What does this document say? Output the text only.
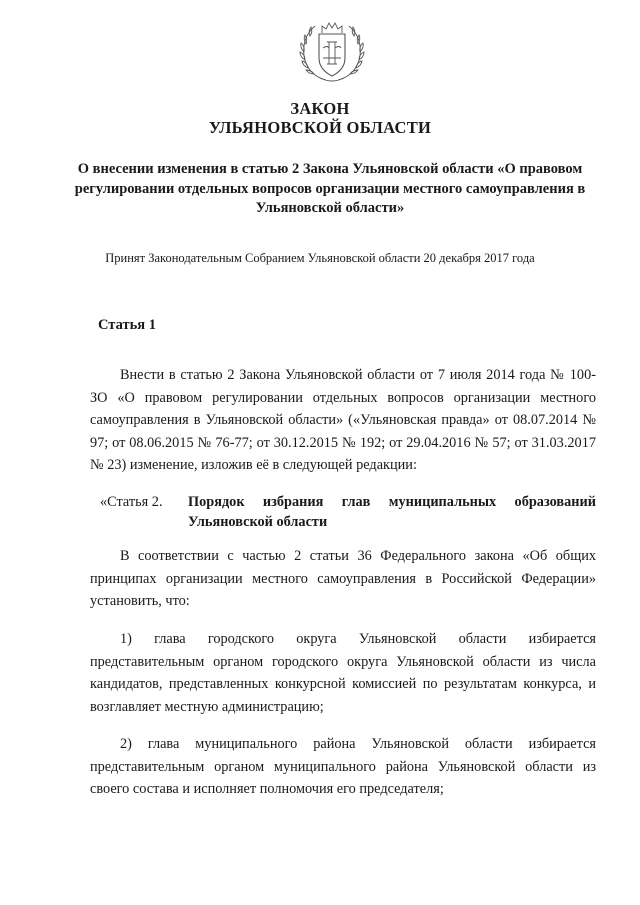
ЗАКОН
УЛЬЯНОВСКОЙ ОБЛАСТИ
О внесении изменения в статью 2 Закона Ульяновской области «О правовом регулировании отдельных вопросов организации местного самоуправления в Ульяновской области»
Принят Законодательным Собранием Ульяновской области 20 декабря 2017 года
Статья 1
Внести в статью 2 Закона Ульяновской области от 7 июля 2014 года № 100-ЗО «О правовом регулировании отдельных вопросов организации местного самоуправления в Ульяновской области» («Ульяновская правда» от 08.07.2014 № 97; от 08.06.2015 № 76-77; от 30.12.2015 № 192; от 29.04.2016 № 57; от 31.03.2017 № 23) изменение, изложив её в следующей редакции:
«Статья 2. Порядок избрания глав муниципальных образований Ульяновской области
В соответствии с частью 2 статьи 36 Федерального закона «Об общих принципах организации местного самоуправления в Российской Федерации» установить, что:
1) глава городского округа Ульяновской области избирается представительным органом городского округа Ульяновской области из числа кандидатов, представленных конкурсной комиссией по результатам конкурса, и возглавляет местную администрацию;
2) глава муниципального района Ульяновской области избирается представительным органом муниципального района Ульяновской области из своего состава и исполняет полномочия его председателя;
